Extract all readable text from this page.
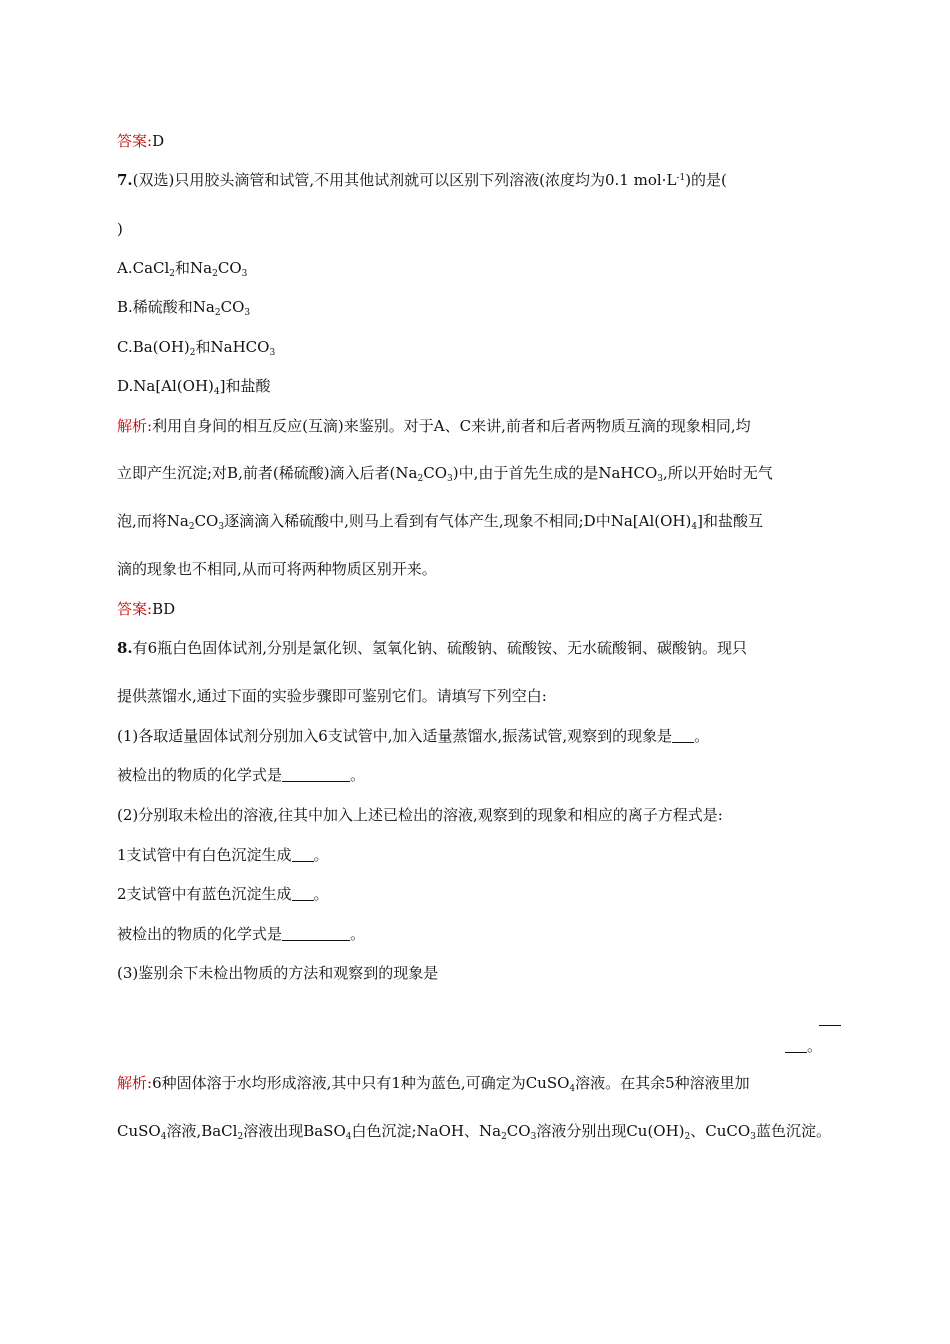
答案:D
7.(双选)只用胶头滴管和试管,不用其他试剂就可以区别下列溶液(浓度均为0.1 $mol\cdot L^{-1}$)的是(
)
A.CaCl$_2$和$Na_2CO_3$
B.稀硫酸和$Na_2CO_3$
$C.Ba(OH)_2$和NaHCO$_3$
$D.Na[Al(OH)_4]$和盐酸
解析:利用自身间的相互反应(互滴)来鉴别。对于A、C来讲,前者和后者两物质互滴的现象相同,均
立即产生沉淀;对B,前者(稀硫酸)滴入后者$(Na_2CO_3)$中,由于首先生成的是NaHCO$_3$,所以开始时无气
泡,而将$Na_2CO_3$逐滴滴入稀硫酸中,则马上看到有气体产生,现象不相同;D中$Na[Al(OH)_4]$和盐酸互
滴的现象也不相同,从而可将两种物质区别开来。
答案:BD
8.有6瓶白色固体试剂,分别是氯化钡、氢氧化钠、硫酸钠、硫酸铵、无水硫酸铜、碳酸钠。现只
提供蒸馏水,通过下面的实验步骤即可鉴别它们。请填写下列空白:
(1)各取适量固体试剂分别加入6支试管中,加入适量蒸馏水,振荡试管,观察到的现象是 。
被检出的物质的化学式是	。
(2)分别取未检出的溶液,往其中加入上述已检出的溶液,观察到的现象和相应的离子方程式是:
1支试管中有白色沉淀生成 。
2支试管中有蓝色沉淀生成 。
被检出的物质的化学式是	。
(3)鉴别余下未检出物质的方法和观察到的现象是
。
解析:6种固体溶于水均形成溶液,其中只有1种为蓝色,可确定为CuSO$_4$溶液。在其余5种溶液里加
CuSO$_4$溶液,BaCl$_2$溶液出现BaSO$_4$白色沉淀;NaOH、$Na_2CO_3$溶液分别出现$Cu(OH)_2$、CuCO$_3$蓝色沉淀。
